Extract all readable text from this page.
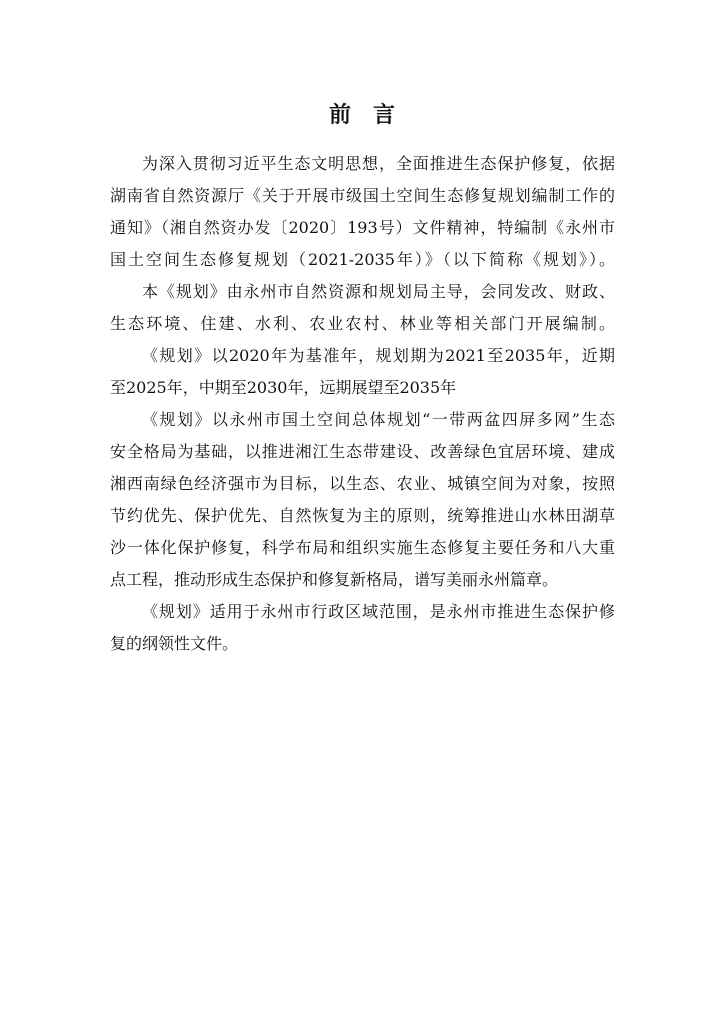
前 言
为深入贯彻习近平生态文明思想，全面推进生态保护修复，依据
湖南省自然资源厅《关于开展市级国土空间生态修复规划编制工作的
通知》（湘自然资办发〔2020〕193号）文件精神，特编制《永州市
国土空间生态修复规划（2021-2035年）》（以下简称《规划》）。
本《规划》由永州市自然资源和规划局主导，会同发改、财政、
生态环境、住建、水利、农业农村、林业等相关部门开展编制。
《规划》以2020年为基准年，规划期为2021至2035年，近期
至2025年，中期至2030年，远期展望至2035年
《规划》以永州市国土空间总体规划“一带两盆四屏多网”生态
安全格局为基础，以推进湘江生态带建设、改善绿色宜居环境、建成
湘西南绿色经济强市为目标，以生态、农业、城镇空间为对象，按照
节约优先、保护优先、自然恢复为主的原则，统筹推进山水林田湖草
沙一体化保护修复，科学布局和组织实施生态修复主要任务和八大重
点工程，推动形成生态保护和修复新格局，谱写美丽永州篇章。
《规划》适用于永州市行政区域范围，是永州市推进生态保护修
复的纲领性文件。
